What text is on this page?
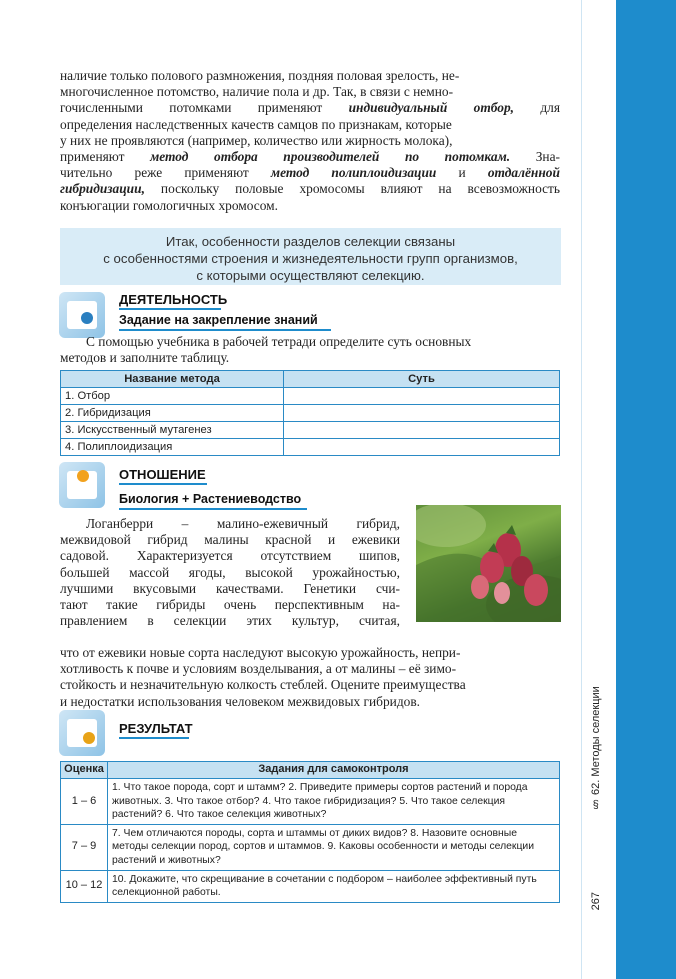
§ 62. Методы селекции
267
наличие только полового размножения, поздняя половая зрелость, не-
многочисленное потомство, наличие пола и др. Так, в связи с немно-
гочисленными потомками применяют индивидуальный отбор, для
определения наследственных качеств самцов по признакам, которые
у них не проявляются (например, количество или жирность молока),
применяют метод отбора производителей по потомкам. Зна-
чительно реже применяют метод полиплоидизации и отдалённой
гибридизации, поскольку половые хромосомы влияют на всевозможность
конъюгации гомологичных хромосом.
Итак, особенности разделов селекции связаны
с особенностями строения и жизнедеятельности групп организмов,
с которыми осуществляют селекцию.
ДЕЯТЕЛЬНОСТЬ
Задание на закрепление знаний
С помощью учебника в рабочей тетради определите суть основных
методов и заполните таблицу.
Название метода	Суть
1. Отбор	
2. Гибридизация	
3. Искусственный мутагенез	
4. Полиплоидизация	
ОТНОШЕНИЕ
Биология + Растениеводство
Логанберри – малино-ежевичный гибрид,
межвидовой гибрид малины красной и ежевики
садовой. Характеризуется отсутствием шипов,
большей массой ягоды, высокой урожайностью,
лучшими вкусовыми качествами. Генетики счи-
тают такие гибриды очень перспективным на-
правлением в селекции этих культур, считая,
что от ежевики новые сорта наследуют высокую урожайность, непри-
хотливость к почве и условиям возделывания, а от малины – её зимо-
стойкость и незначительную колкость стеблей. Оцените преимущества
и недостатки использования человеком межвидовых гибридов.
РЕЗУЛЬТАТ
Оценка	Задания для самоконтроля
1 – 6	1. Что такое порода, сорт и штамм? 2. Приведите примеры сортов растений и порода животных. 3. Что такое отбор? 4. Что такое гибридизация? 5. Что такое селекция растений? 6. Что такое селекция животных?
7 – 9	7. Чем отличаются породы, сорта и штаммы от диких видов? 8. Назовите основные методы селекции пород, сортов и штаммов. 9. Каковы особенности и методы селекции растений и животных?
10 – 12	10. Докажите, что скрещивание в сочетании с подбором – наиболее эффективный путь селекционной работы.
